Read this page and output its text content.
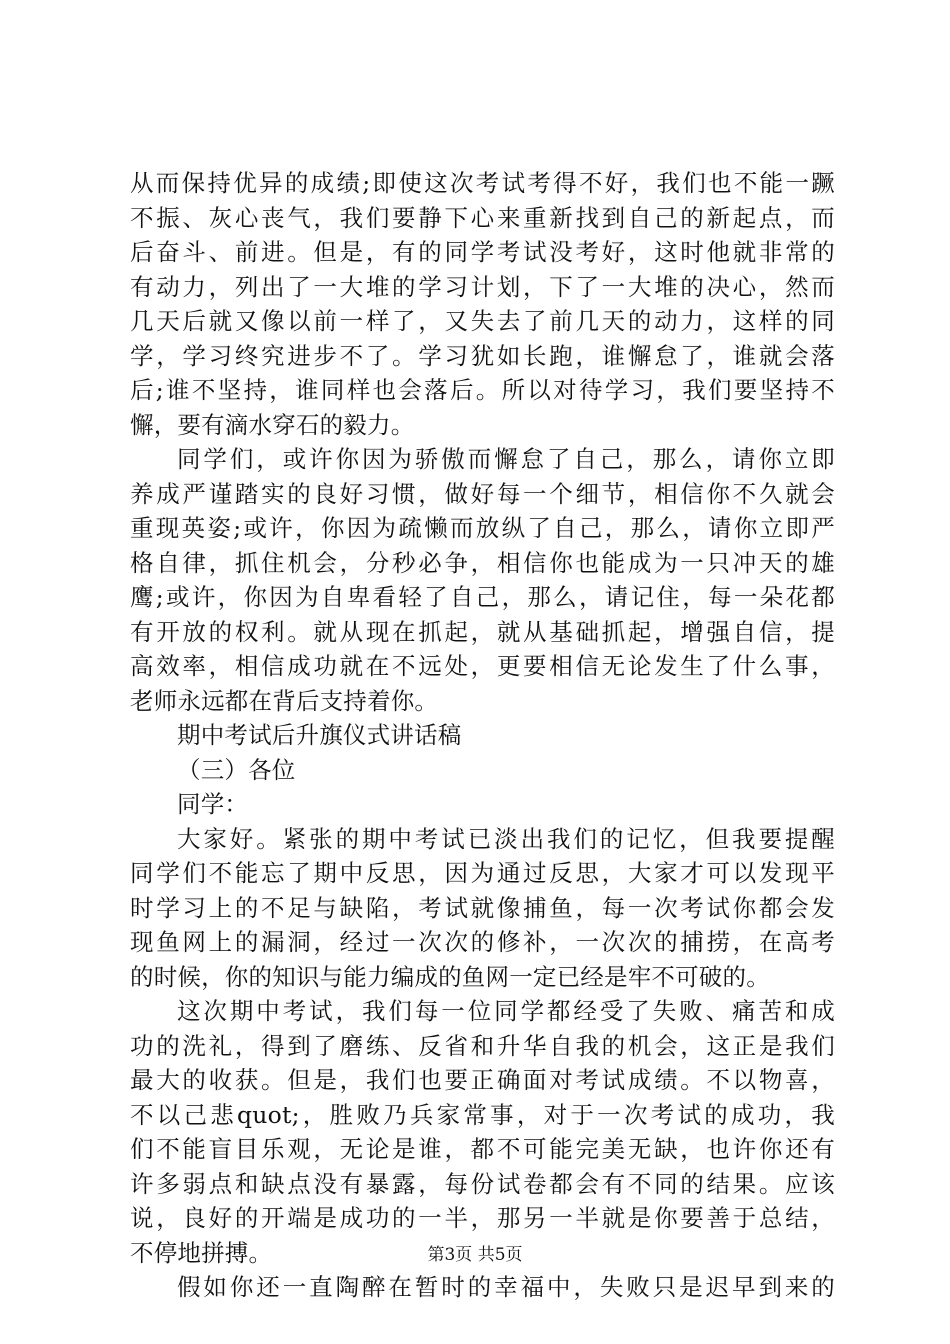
从而保持优异的成绩;即使这次考试考得不好，我们也不能一蹶
不振、灰心丧气，我们要静下心来重新找到自己的新起点，而
后奋斗、前进。但是，有的同学考试没考好，这时他就非常的
有动力，列出了一大堆的学习计划，下了一大堆的决心，然而
几天后就又像以前一样了，又失去了前几天的动力，这样的同
学，学习终究进步不了。学习犹如长跑，谁懈怠了，谁就会落
后;谁不坚持，谁同样也会落后。所以对待学习，我们要坚持不
懈，要有滴水穿石的毅力。
同学们，或许你因为骄傲而懈怠了自己，那么，请你立即
养成严谨踏实的良好习惯，做好每一个细节，相信你不久就会
重现英姿;或许，你因为疏懒而放纵了自己，那么，请你立即严
格自律，抓住机会，分秒必争，相信你也能成为一只冲天的雄
鹰;或许，你因为自卑看轻了自己，那么，请记住，每一朵花都
有开放的权利。就从现在抓起，就从基础抓起，增强自信，提
高效率，相信成功就在不远处，更要相信无论发生了什么事，
老师永远都在背后支持着你。
期中考试后升旗仪式讲话稿
（三）各位
同学：
大家好。紧张的期中考试已淡出我们的记忆，但我要提醒
同学们不能忘了期中反思，因为通过反思，大家才可以发现平
时学习上的不足与缺陷，考试就像捕鱼，每一次考试你都会发
现鱼网上的漏洞，经过一次次的修补，一次次的捕捞，在高考
的时候，你的知识与能力编成的鱼网一定已经是牢不可破的。
这次期中考试，我们每一位同学都经受了失败、痛苦和成
功的洗礼，得到了磨练、反省和升华自我的机会，这正是我们
最大的收获。但是，我们也要正确面对考试成绩。不以物喜，
不以己悲quot;，胜败乃兵家常事，对于一次考试的成功，我
们不能盲目乐观，无论是谁，都不可能完美无缺，也许你还有
许多弱点和缺点没有暴露，每份试卷都会有不同的结果。应该
说，良好的开端是成功的一半，那另一半就是你要善于总结，
不停地拼搏。
假如你还一直陶醉在暂时的幸福中，失败只是迟早到来的
第3页 共5页
